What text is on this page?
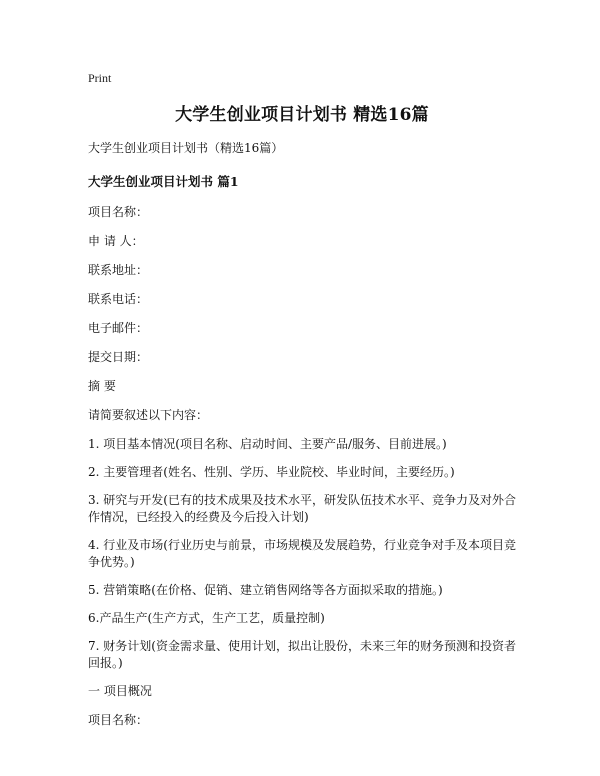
Print
大学生创业项目计划书 精选16篇
大学生创业项目计划书（精选16篇）
大学生创业项目计划书 篇1
项目名称：
申 请 人：
联系地址：
联系电话：
电子邮件：
提交日期：
摘 要
请简要叙述以下内容：
1. 项目基本情况(项目名称、启动时间、主要产品/服务、目前进展。)
2. 主要管理者(姓名、性别、学历、毕业院校、毕业时间，主要经历。)
3. 研究与开发(已有的技术成果及技术水平，研发队伍技术水平、竞争力及对外合作情况，已经投入的经费及今后投入计划)
4. 行业及市场(行业历史与前景，市场规模及发展趋势，行业竞争对手及本项目竞争优势。)
5. 营销策略(在价格、促销、建立销售网络等各方面拟采取的措施。)
6.产品生产(生产方式，生产工艺，质量控制)
7. 财务计划(资金需求量、使用计划，拟出让股份，未来三年的财务预测和投资者回报。)
一 项目概况
项目名称：
